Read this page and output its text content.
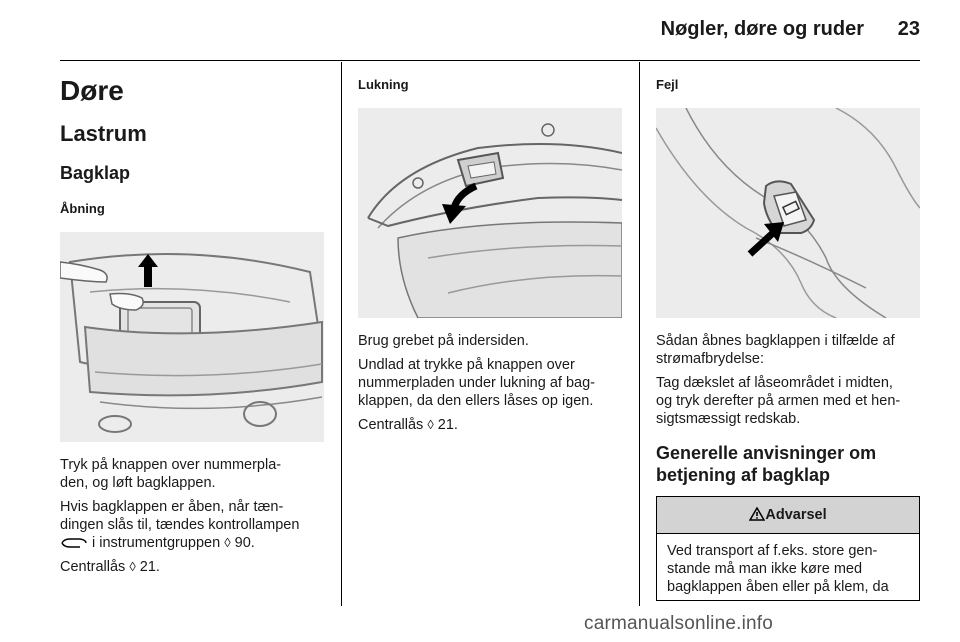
Nøgler, døre og ruder 23
Døre
Lastrum
Bagklap
Åbning

Tryk på knappen over nummerpla-
den, og løft bagklappen.

Hvis bagklappen er åben, når tæn-
dingen slås til, tændes kontrollampen
i instrumentgruppen ◊ 90.

Centrallås ◊ 21.

Lukning

Brug grebet på indersiden.

Undlad at trykke på knappen over
nummerpladen under lukning af bag-
klappen, da den ellers låses op igen.

Centrallås ◊ 21.

Fejl

Sådan åbnes bagklappen i tilfælde af
strømafbrydelse:

Tag dækslet af låseområdet i midten,
og tryk derefter på armen med et hen-
sigtsmæssigt redskab.

Generelle anvisninger om
betjening af bagklap
Advarsel
Ved transport af f.eks. store gen-
stande må man ikke køre med
bagklappen åben eller på klem, da
carmanualsonline.info
